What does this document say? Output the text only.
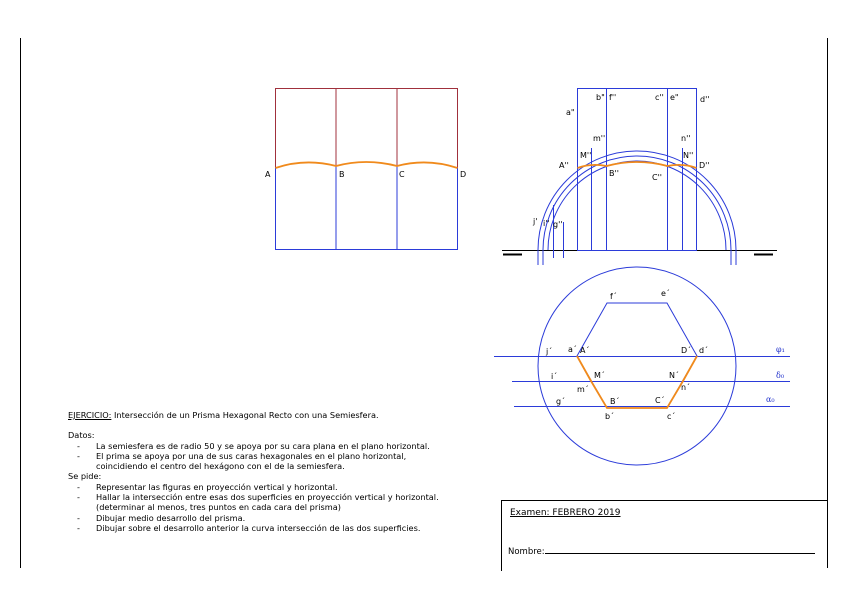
A	B	C	D
a"
b" f''	c'' e"	d''
m''
M''
n''
N''
A''	D''
B''	C''
j' i'' g''
f´	e´
j´ a´ A´	D´ d´
i´	M´	N´
m´	n´
g´	B´	C´
b´	c´
φ₁
δ₀
α₀
EJERCICIO: Intersección de un Prisma Hexagonal Recto con una Semiesfera.
Datos:
- La semiesfera es de radio 50 y se apoya por su cara plana en el plano horizontal.
- El prima se apoya por una de sus caras hexagonales en el plano horizontal,
coincidiendo el centro del hexágono con el de la semiesfera.
Se pide:
- Representar las figuras en proyección vertical y horizontal.
- Hallar la intersección entre esas dos superficies en proyección vertical y horizontal.
(determinar al menos, tres puntos en cada cara del prisma)
- Dibujar medio desarrollo del prisma.
- Dibujar sobre el desarrollo anterior la curva intersección de las dos superficies.
Examen: FEBRERO 2019
Nombre:
